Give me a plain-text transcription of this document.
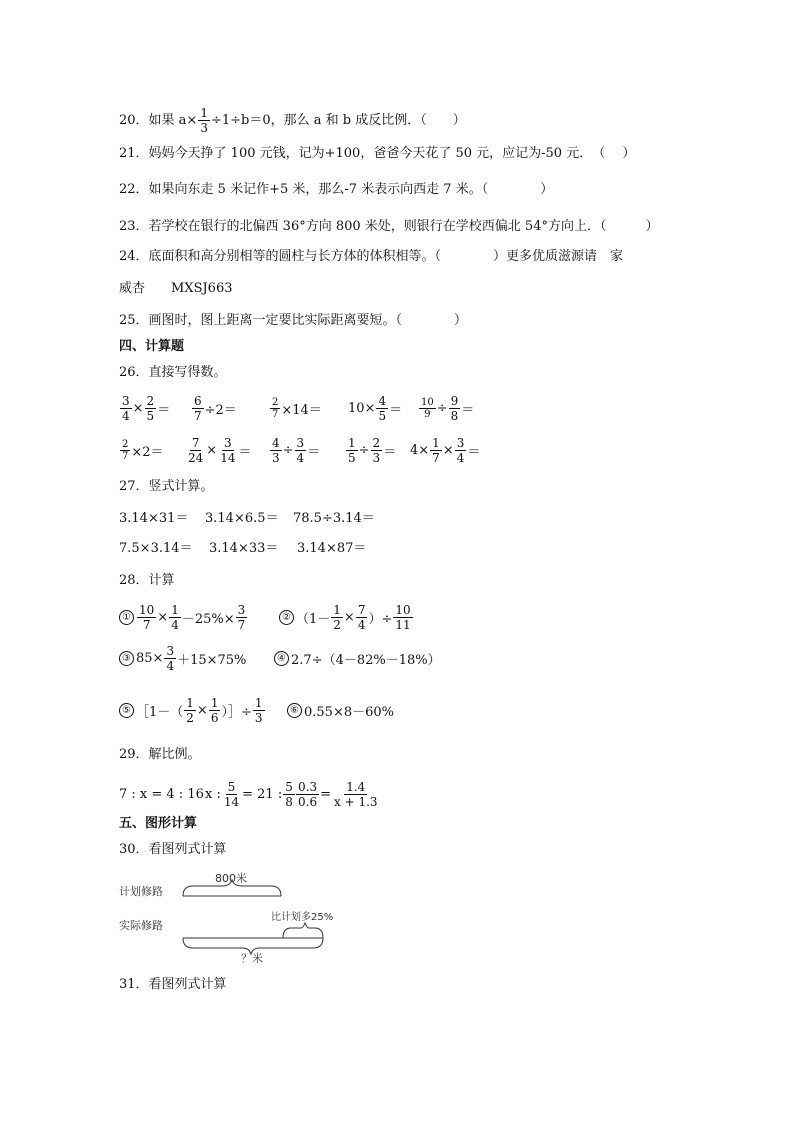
20．如果 $a\times \frac{1}{3} \div 1\div b=0$，那么 a 和 b 成反比例．（　　）
21．妈妈今天挣了 100 元钱，记为+100，爸爸今天花了 50 元，应记为-50 元．　（　 ）
22．如果向东走 5 米记作+5 米，那么-7 米表示向西走 7 米。（　　　　）
23．若学校在银行的北偏西 36°方向 800 米处，则银行在学校西偏北 54°方向上．（　　　）
24．底面积和高分别相等的圆柱与长方体的体积相等。（　　　　）更多优质滋源请　家
威杏　　MXSJ663
25．画图时，图上距离一定要比实际距离要短。（　　　　）
四、计算题
26．直接写得数。
$\frac{3}{4} \times \frac{2}{5} = \frac{6}{7} \div 2=$	$\frac{2}{7} \times 14= 10\times \frac{4}{5} = \frac{10}{9} \div \frac{9}{8}$ ＝
$\frac{2}{7} \times 2= \frac{7}{24} \times \frac{3}{14} = \frac{4}{3} \div \frac{3}{4} = \frac{1}{5} \div \frac{2}{3} = 4\times \frac{1}{7} \times \frac{3}{4}$ ＝
27．竖式计算。
3.14×31＝ 3.14×6.5＝ 78.5÷3.14＝
7.5×3.14＝ 3.14×33＝ 3.14×87＝
28．计算
① $\frac{10}{7} \times \frac{1}{4} -25\%\times \frac{3}{7}$	② （$1- \frac{1}{2} \times \frac{7}{4}$ ）÷ $\frac{10}{11}$
③ $85\times \frac{3}{4} +15\times 75\%$	④ 2.7÷（4－82%－18%）
⑤ ［1－（ $\frac{1}{2} \times \frac{1}{6}$ ）］÷ $\frac{1}{3}$	⑥ 0.55×8－60%
29．解比例。
7 : x = 4 : 16 x : $\frac{5}{14} = 21$ : 5
$8 \frac{0.3}{0.6} = \frac{1.4}{x + 1.3}$
五、图形计算
30．看图列式计算
计划修路
800米
实际修路
比计划多25%
？米
31．看图列式计算
